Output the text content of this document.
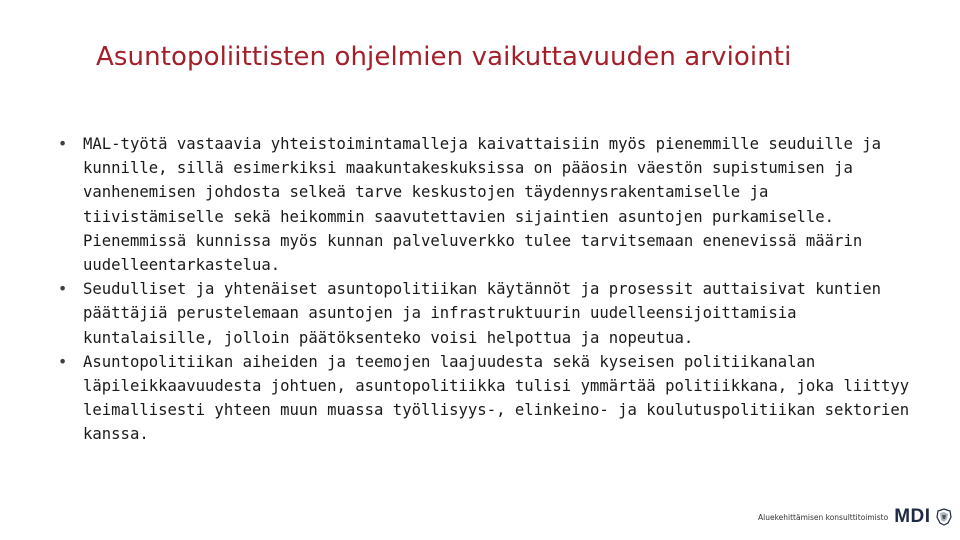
Asuntopoliittisten ohjelmien vaikuttavuuden arviointi
• MAL-työtä vastaavia yhteistoimintamalleja kaivattaisiin myös pienemmille seuduille ja kunnille, sillä esimerkiksi maakuntakeskuksissa on pääosin väestön supistumisen ja vanhenemisen johdosta selkeä tarve keskustojen täydennysrakentamiselle ja tiivistämiselle sekä heikommin saavutettavien sijaintien asuntojen purkamiselle. Pienemmissä kunnissa myös kunnan palveluverkko tulee tarvitsemaan enenevissä määrin uudelleentarkastelua.
• Seudulliset ja yhtenäiset asuntopolitiikan käytännöt ja prosessit auttaisivat kuntien päättäjiä perustelemaan asuntojen ja infrastruktuurin uudelleensijoittamisia kuntalaisille, jolloin päätöksenteko voisi helpottua ja nopeutua.
• Asuntopolitiikan aiheiden ja teemojen laajuudesta sekä kyseisen politiikanalan läpileikkaavuudesta johtuen, asuntopolitiikka tulisi ymmärtää politiikkana, joka liittyy leimallisesti yhteen muun muassa työllisyys-, elinkeino- ja koulutuspolitiikan sektorien kanssa.
Aluekehittämisen konsulttitoimisto MDI
